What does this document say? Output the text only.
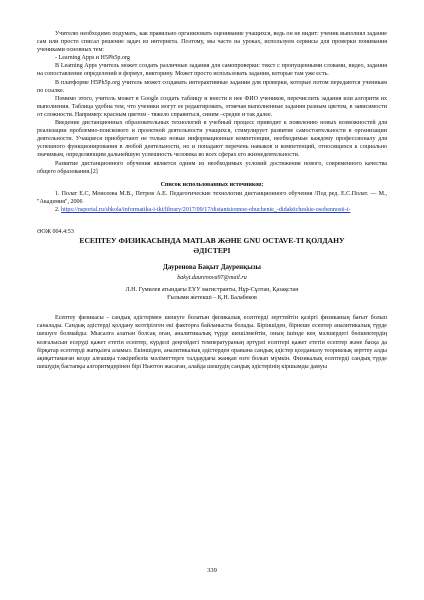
Учителю необходимо подумать, как правильно организовать оценивание учащихся, ведь он не видит: ученик выполнял задание сам или просто списал решение задач из интернета. Поэтому, мы часто на уроках, используем сервисы для проверки понимания учениками основных тем:

- Learning Apps и H5Ph5p.org

В Learning Apps учитель может создать различные задания для самопроверки: текст с пропущенными словами, видео, задания на сопоставление определений и формул, викторину. Может просто использовать задания, которые там уже есть.

В платформе H5Ph5p.org учитель может создавать интерактивные задания для проверки, которые потом передаются ученикам по ссылке.

Помимо этого, учитель может в Google создать таблицу и внести в нее ФИО учеников, перечислить задания или алгоритм их выполнения. Таблица удобна тем, что ученики могут ее редактировать, отмечая выполненные задания разным цветом, в зависимости от сложности. Например: красным цветом - тяжело справиться, синим –средне и так далее.

Введение дистанционных образовательных технологий в учебный процесс приводит к появлению новых возможностей для реализации проблемно-поискового и проектной деятельности учащихся, стимулирует развитие самостоятельности в организации деятельности. Учащиеся приобретают не только новые информационные компетенции, необходимые каждому профессионалу для успешного функционирования в любой деятельности, но и попадают перечень навыков и компетенций, относящихся к социально значимым, определяющим дальнейшую успешность человека во всех сферах его жизнедеятельности.

Развитие дистанционного обучения является одним из необходимых условий достижения нового, современного качества общего образования.[2]

Список использованных источников:

1. Полат Е.С, Моисеева М.В., Петров А.Е. Педагогические технологии дистанционного обучения /Под ред. Е.С.Полат. — М., "Академия", 2006

2. https://nsportal.ru/shkola/informatika-i-ikt/library/2017/09/17/distantsionnoe-obuchenie_-didakticheskie-osobennosti-i-

ӘОЖ 004.4:53

ЕСЕПТЕУ ФИЗИКАСЫНДА MATLAB ЖӘНЕ GNU OCTAVE-ТІ ҚОЛДАНУ

ӘДІСТЕРІ

Дауренова Бақыт Дауренқызы

bakyt.daurenova97@mail.ru

Л.Н. Гумилев атындағы ЕҰУ магистранты, Нұр-Сұлтан, Қазақстан

Ғылыми жетекші – Қ.Н. Балабеков

Есептеу физикасы - сандық әдістермен шешуге болатын физикалық есептерді зерттейтін қазіргі физиканың бағыт болып саналады. Сандық әдістерді қолдану келтірілген екі факторға байланысты болады. Біріншіден, бірнеше есептер аналитикалық түрде шешуге болмайды. Мысалға алатын болсақ оған, аналитикалық түрде шешілмейтін, оның ішінде кең мәлшердегі бөлшектердің козғалысын есеруді қажет ететін есептер, күрделі деңгейдегі температураның әртүрлі есептері қажет ететін есептер және басқа да бірқатар есептерді жатқызға аламыз. Екіншіден, аналитикалық әдістерден оравына сандық әдістер қолданылу теориялық зерттеу алды ақиқаттамаған кезде алғашқы тәжірибелік мәліметтерге талдаудағы жанқап өзге болып мүмкін. Физикалық есептерді сандық түрде шешудің бастапқы алгоритмдерінен бірі Ньютон жасаған, алайда шешудің сандық әдістерінің кіршымды дамуы

339
